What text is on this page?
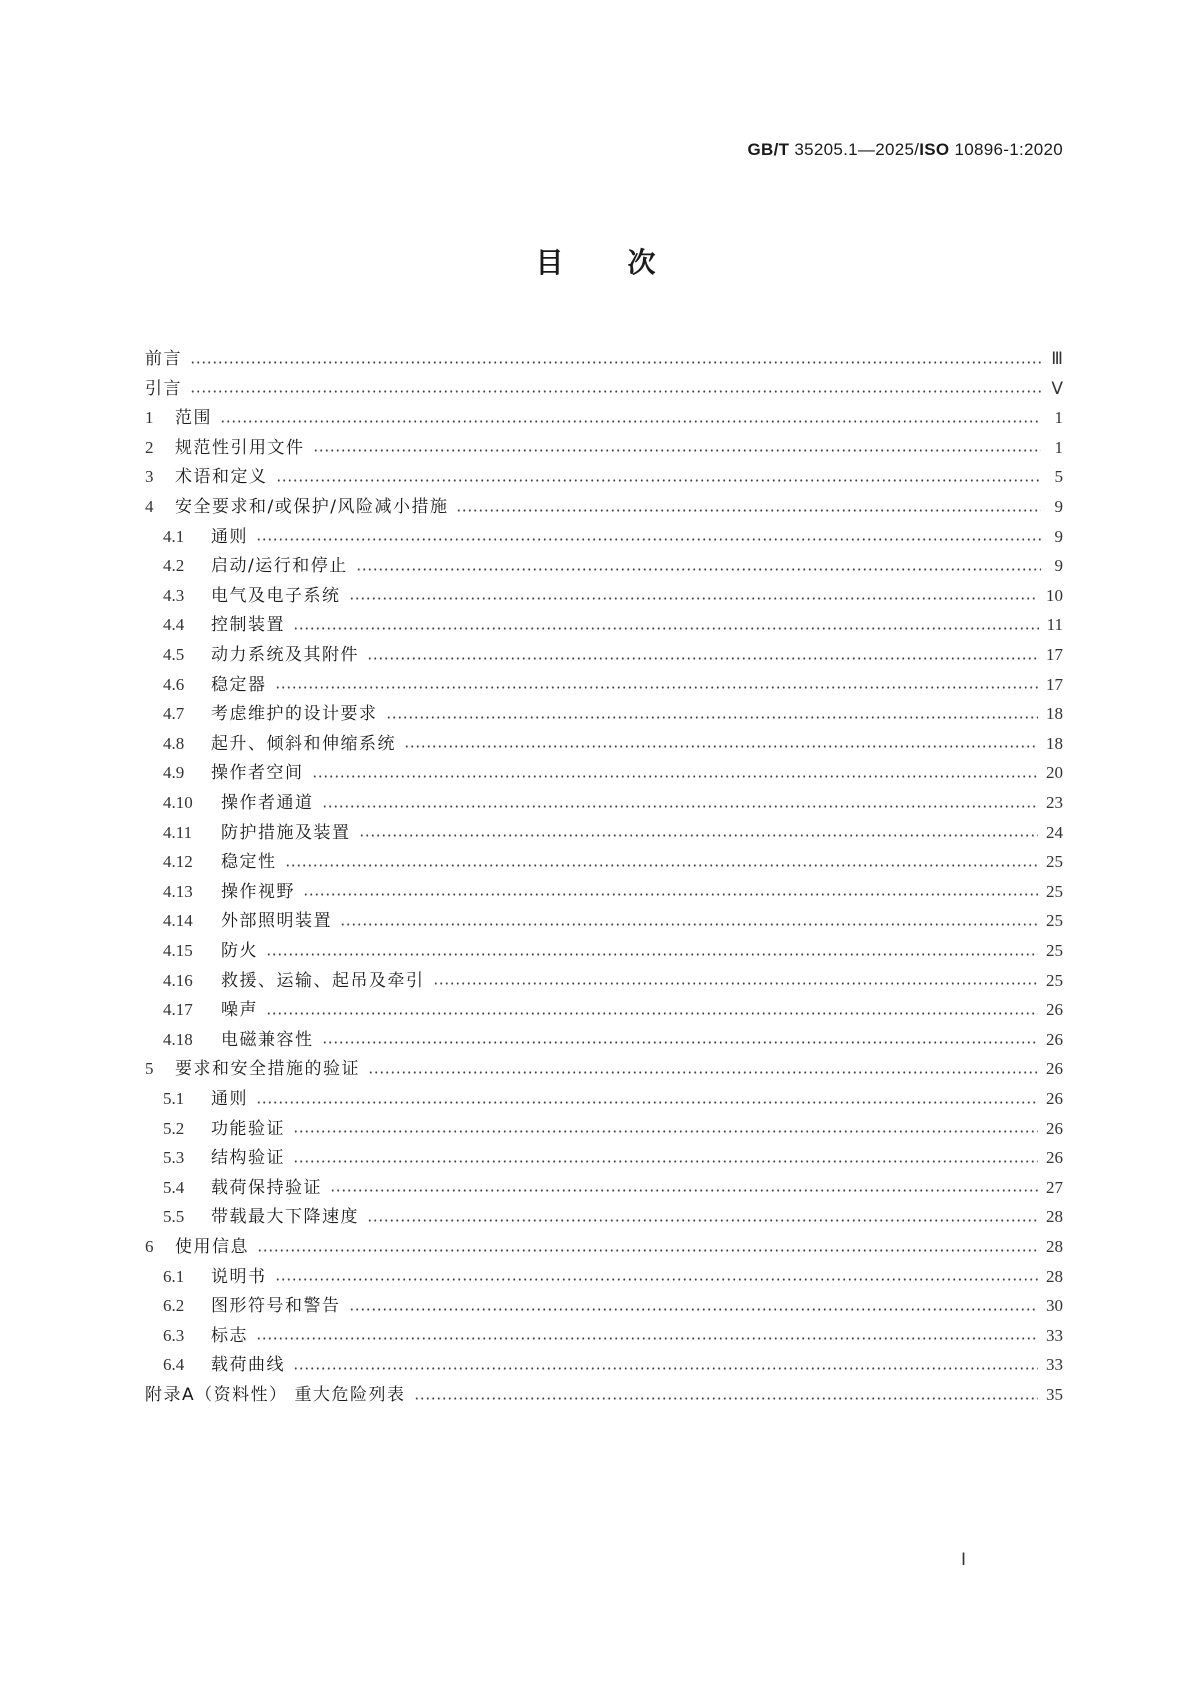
GB/T 35205.1—2025/ISO 10896-1:2020
目次
前言	Ⅲ
引言	Ⅴ
1	范围	1
2	规范性引用文件	1
3	术语和定义	5
4	安全要求和/或保护/风险减小措施	9
4.1	通则	9
4.2	启动/运行和停止	9
4.3	电气及电子系统	10
4.4	控制装置	11
4.5	动力系统及其附件	17
4.6	稳定器	17
4.7	考虑维护的设计要求	18
4.8	起升、倾斜和伸缩系统	18
4.9	操作者空间	20
4.10	操作者通道	23
4.11	防护措施及装置	24
4.12	稳定性	25
4.13	操作视野	25
4.14	外部照明装置	25
4.15	防火	25
4.16	救援、运输、起吊及牵引	25
4.17	噪声	26
4.18	电磁兼容性	26
5	要求和安全措施的验证	26
5.1	通则	26
5.2	功能验证	26
5.3	结构验证	26
5.4	载荷保持验证	27
5.5	带载最大下降速度	28
6	使用信息	28
6.1	说明书	28
6.2	图形符号和警告	30
6.3	标志	33
6.4	载荷曲线	33
附录A（资料性） 重大危险列表	35
Ⅰ
